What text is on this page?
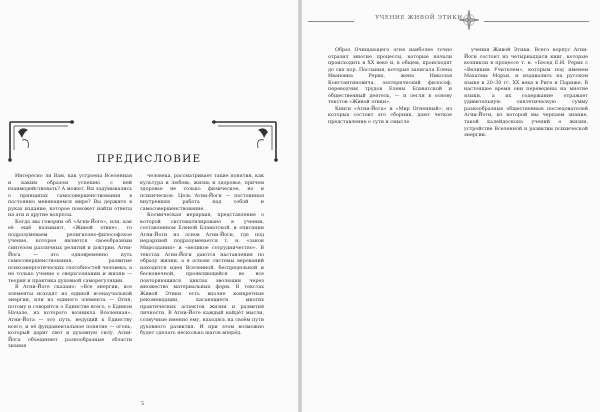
ПРЕДИСЛОВИЕ

Интересно ли Вам, как устроена Вселенная и каким образом успешно с ней взаимодействовать? А может, Вы задумывались о принципах самосовершенствования в постоянно меняющемся мире? Вы держите в руках издание, которое поможет найти ответы на эти и другие вопросы.

Когда мы говорим об «Агни-Йоге», или, как её ещё называют, «Живой этике», то подразумеваем религиозно-философское учение, которое является своеобразным синтезом различных религий и доктрин. Агни-Йога — это одновременно путь самосовершенствования, развитие психоэнергетических способностей человека, а не только учение о сверхсознании и жизни — теория и практика духовной саморегуляции.

В Агни-Йоге сказано: «Все энергии, все элементы исходят из единой всенаучальной энергии, или из единого элемента — Огня, потому и говорится о Единстве всего, о Едином Начале, из которого возникла Вселенная». Агни-Йога — это путь, ведущий к Единству всего, и её фундаментальное понятие — огонь, который дарит свет и духовную силу. Агни-Йога объединяет разнообразные области знания

человека, рассматривает такие понятия, как культура и любовь, жизнь и здоровье, причем здоровье не только физическое, но и психическое. Цель Агни-Йоги — постоянная внутренняя работа над собой и самосовершенствование.

Космическая иерархия, представление о которой систематизировано в учении, составленном Еленой Блаватской, и описании Агни-Йоги из основ Агни-Йоги, где под иерархией подразумевается т. н. «закон Мироздания» и «великое сотрудничество». В текстах Агни-Йоги даются наставления по образу жизни, а в основе системы верований находится идея Вселенной, беспредельной и бесконечной, проявляющейся во все повторяющихся циклах эволюции через множество материальных форм. В текстах Живой Этики есть вполне конкретные рекомендации, касающиеся многих практических аспектов жизни и развития личности. В Агни-Йоге каждый найдёт мысли, созвучные именно ему, находясь на своём пути духовного развития. И при этом возможно будет сделать несколько шагов вперёд.

5
УЧЕНИЕ ЖИВОЙ ЭТИКИ

Образ Очищающего огня наиболее точно отразил многие процессы, которые начали происходить в XX веке и, в общем, происходят до сих пор. Послания, которые записала Елена Ивановна Рерих, жена Николая Константиновича, эзотерический философ, переводчик трудов Елены Блаватской и общественный деятель, — и легли в основу текстов «Живой этики».

Книги «Агни-Йога» и «Мир Огненный», из которых состоит это сборник, дают четкое представление о сути и смысле

учения Живой Этики. Всего корпус Агни-Йоги состоит из четырнадцати книг, которые возникли в процессе т. н. «Бесед Е.И. Рерих с «Великим Учителем», которым под именем Махатмы Морьи, и издавались на русском языке в 20–30 гг. XX века в Риге и Париже. В настоящее время они переведены на многие языки, а их содержание отражает удивительную синтетическую сумму разнообразные общественные последователей Агни-Йоги, из которой мы черпаем знание, такой калейдоскопа учений о жизни, устройстве Вселенной и развитии психической энергии.
